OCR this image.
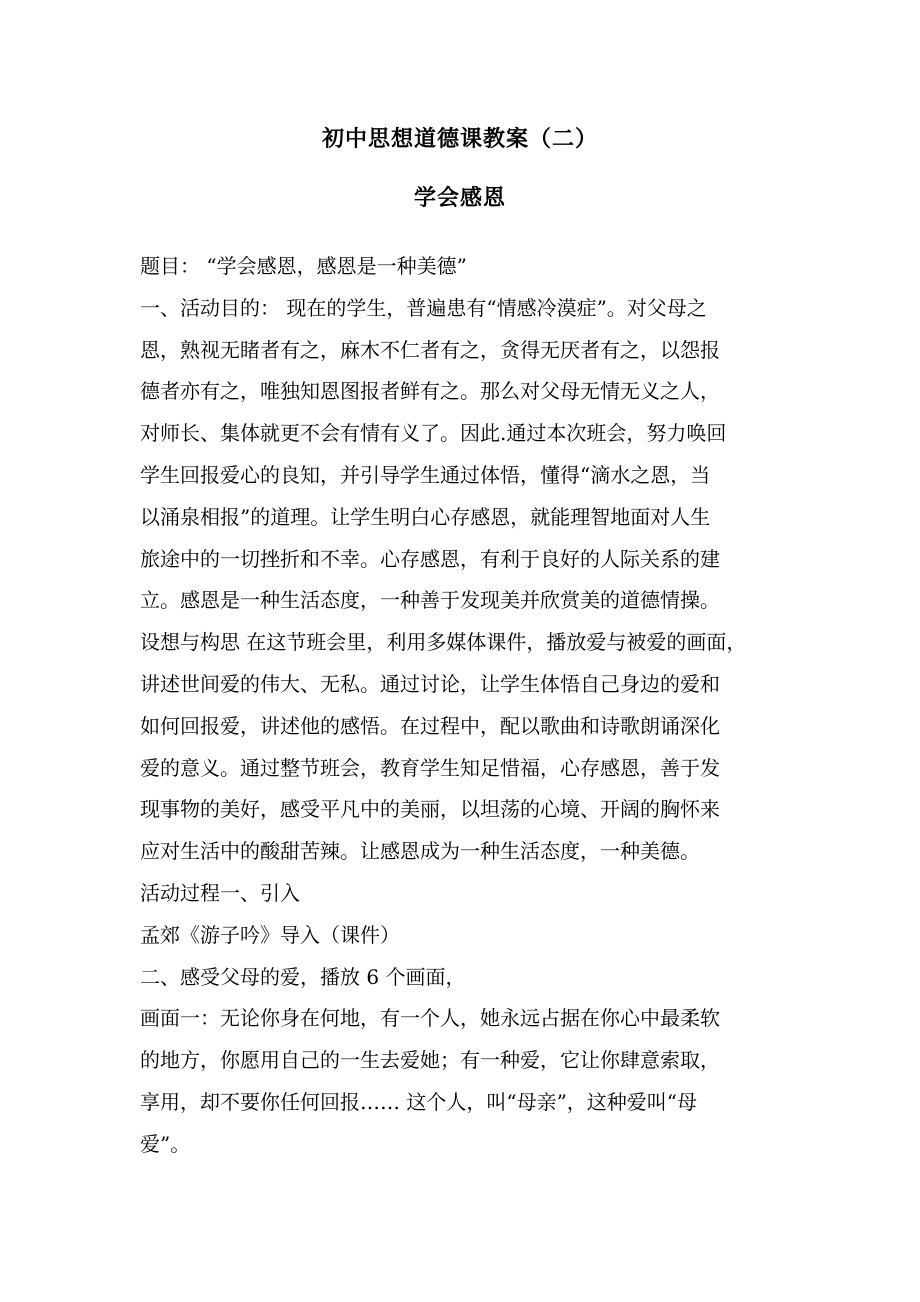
初中思想道德课教案（二）
学会感恩
题目： “学会感恩，感恩是一种美德”
一、活动目的： 现在的学生，普遍患有“情感冷漠症”。对父母之
恩，熟视无睹者有之，麻木不仁者有之，贪得无厌者有之，以怨报
德者亦有之，唯独知恩图报者鲜有之。那么对父母无情无义之人，
对师长、集体就更不会有情有义了。因此.通过本次班会，努力唤回
学生回报爱心的良知，并引导学生通过体悟，懂得“滴水之恩，当
以涌泉相报”的道理。让学生明白心存感恩，就能理智地面对人生
旅途中的一切挫折和不幸。心存感恩，有利于良好的人际关系的建
立。感恩是一种生活态度，一种善于发现美并欣赏美的道德情操。
设想与构思 在这节班会里，利用多媒体课件，播放爱与被爱的画面，
讲述世间爱的伟大、无私。通过讨论，让学生体悟自己身边的爱和
如何回报爱，讲述他的感悟。在过程中，配以歌曲和诗歌朗诵深化
爱的意义。通过整节班会，教育学生知足惜福，心存感恩，善于发
现事物的美好，感受平凡中的美丽，以坦荡的心境、开阔的胸怀来
应对生活中的酸甜苦辣。让感恩成为一种生活态度，一种美德。
活动过程一、引入
孟郊《游子吟》导入（课件）
二、感受父母的爱，播放 6 个画面，
画面一：无论你身在何地，有一个人，她永远占据在你心中最柔软
的地方，你愿用自己的一生去爱她；有一种爱，它让你肆意索取，
享用，却不要你任何回报…… 这个人，叫“母亲”，这种爱叫“母
爱”。
